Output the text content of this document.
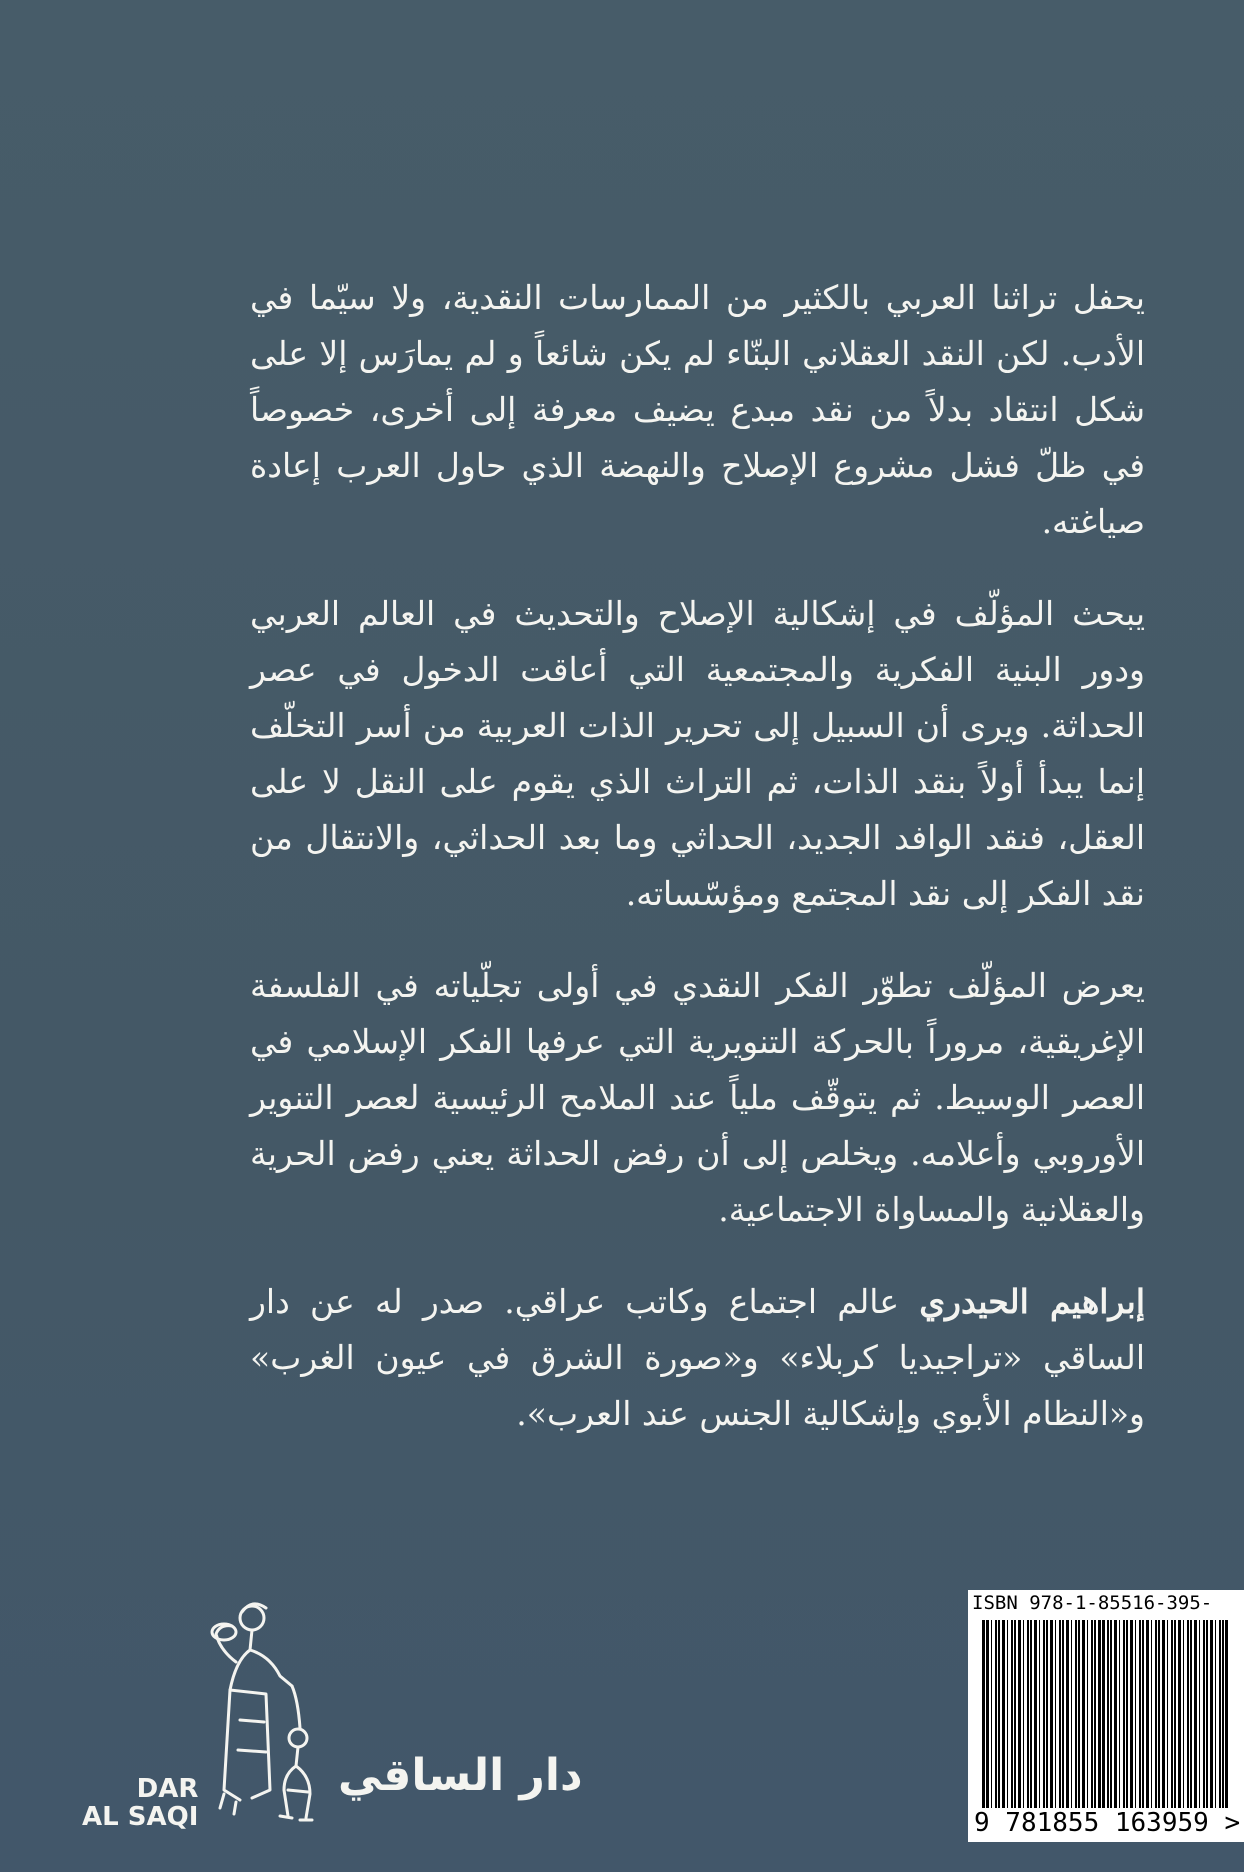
يحفل تراثنا العربي بالكثير من الممارسات النقدية، ولا سيّما في الأدب. لكن النقد العقلاني البنّاء لم يكن شائعاً و لم يمارَس إلا على شكل انتقاد بدلاً من نقد مبدع يضيف معرفة إلى أخرى، خصوصاً في ظلّ فشل مشروع الإصلاح والنهضة الذي حاول العرب إعادة صياغته.

يبحث المؤلّف في إشكالية الإصلاح والتحديث في العالم العربي ودور البنية الفكرية والمجتمعية التي أعاقت الدخول في عصر الحداثة. ويرى أن السبيل إلى تحرير الذات العربية من أسر التخلّف إنما يبدأ أولاً بنقد الذات، ثم التراث الذي يقوم على النقل لا على العقل، فنقد الوافد الجديد، الحداثي وما بعد الحداثي، والانتقال من نقد الفكر إلى نقد المجتمع ومؤسّساته.

يعرض المؤلّف تطوّر الفكر النقدي في أولى تجلّياته في الفلسفة الإغريقية، مروراً بالحركة التنويرية التي عرفها الفكر الإسلامي في العصر الوسيط. ثم يتوقّف ملياً عند الملامح الرئيسية لعصر التنوير الأوروبي وأعلامه. ويخلص إلى أن رفض الحداثة يعني رفض الحرية والعقلانية والمساواة الاجتماعية.

إبراهيم الحيدري عالم اجتماع وكاتب عراقي. صدر له عن دار الساقي «تراجيديا كربلاء» و«صورة الشرق في عيون الغرب» و«النظام الأبوي وإشكالية الجنس عند العرب».

DAR
AL SAQI
دار الساقي
ISBN 978-1-85516-395-
9 781855 163959 >
